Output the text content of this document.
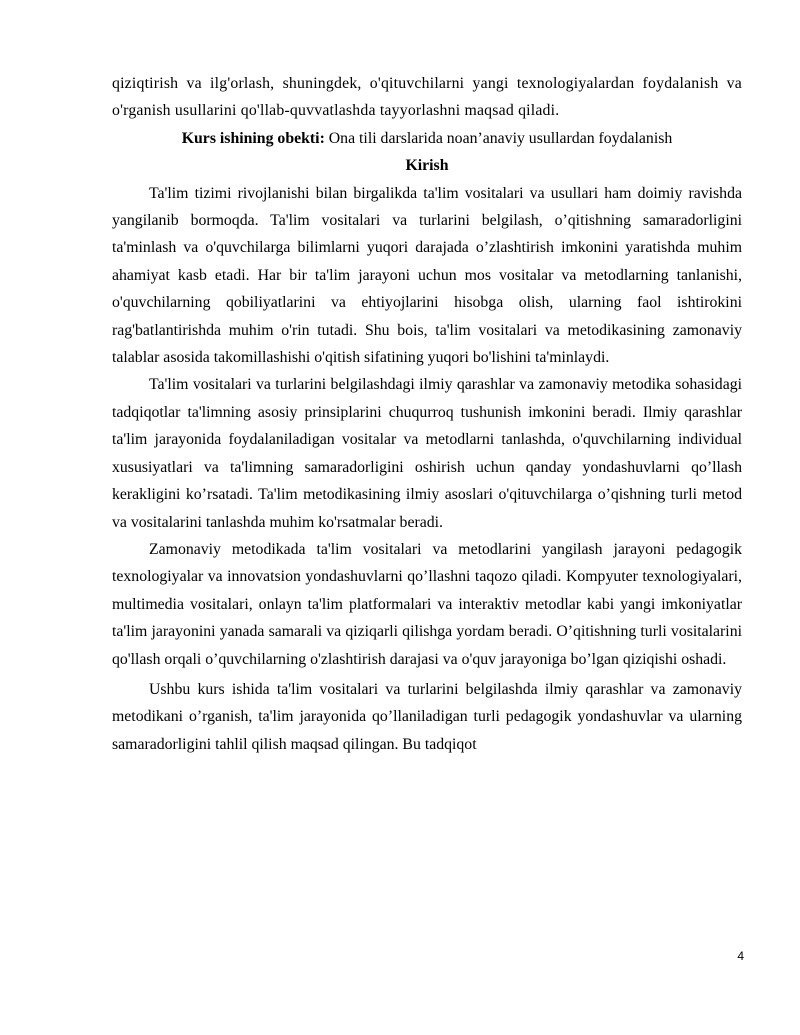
qiziqtirish va ilg'orlash, shuningdek, o'qituvchilarni yangi texnologiyalardan foydalanish va o'rganish usullarini qo'llab-quvvatlashda tayyorlashni maqsad qiladi.

Kurs ishining obekti: Ona tili darslarida noan’anaviy usullardan foydalanish

Kirish

Ta'lim tizimi rivojlanishi bilan birgalikda ta'lim vositalari va usullari ham doimiy ravishda yangilanib bormoqda. Ta'lim vositalari va turlarini belgilash, o’qitishning samaradorligini ta'minlash va o'quvchilarga bilimlarni yuqori darajada o’zlashtirish imkonini yaratishda muhim ahamiyat kasb etadi. Har bir ta'lim jarayoni uchun mos vositalar va metodlarning tanlanishi, o'quvchilarning qobiliyatlarini va ehtiyojlarini hisobga olish, ularning faol ishtirokini rag'batlantirishda muhim o'rin tutadi. Shu bois, ta'lim vositalari va metodikasining zamonaviy talablar asosida takomillashishi o'qitish sifatining yuqori bo'lishini ta'minlaydi.

Ta'lim vositalari va turlarini belgilashdagi ilmiy qarashlar va zamonaviy metodika sohasidagi tadqiqotlar ta'limning asosiy prinsiplarini chuqurroq tushunish imkonini beradi. Ilmiy qarashlar ta'lim jarayonida foydalaniladigan vositalar va metodlarni tanlashda, o'quvchilarning individual xususiyatlari va ta'limning samaradorligini oshirish uchun qanday yondashuvlarni qo’llash kerakligini ko’rsatadi. Ta'lim metodikasining ilmiy asoslari o'qituvchilarga o’qishning turli metod va vositalarini tanlashda muhim ko'rsatmalar beradi.

Zamonaviy metodikada ta'lim vositalari va metodlarini yangilash jarayoni pedagogik texnologiyalar va innovatsion yondashuvlarni qo’llashni taqozo qiladi. Kompyuter texnologiyalari, multimedia vositalari, onlayn ta'lim platformalari va interaktiv metodlar kabi yangi imkoniyatlar ta'lim jarayonini yanada samarali va qiziqarli qilishga yordam beradi. O’qitishning turli vositalarini qo'llash orqali o’quvchilarning o'zlashtirish darajasi va o'quv jarayoniga bo’lgan qiziqishi oshadi.

Ushbu kurs ishida ta'lim vositalari va turlarini belgilashda ilmiy qarashlar va zamonaviy metodikani o’rganish, ta'lim jarayonida qo’llaniladigan turli pedagogik yondashuvlar va ularning samaradorligini tahlil qilish maqsad qilingan. Bu tadqiqot

4
